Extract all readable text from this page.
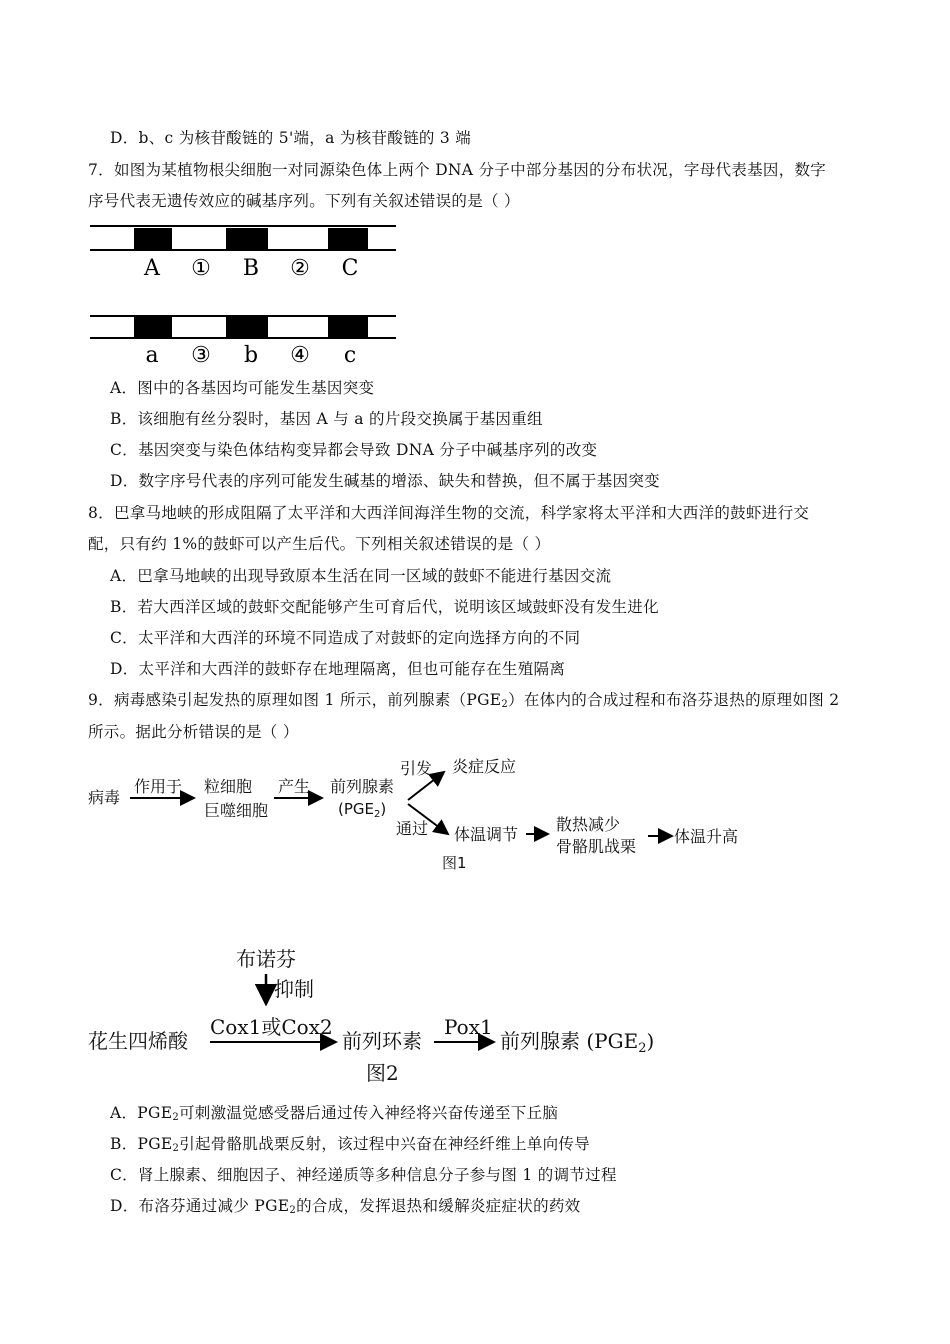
D．b、c 为核苷酸链的 5'端，a 为核苷酸链的 3 端
7．如图为某植物根尖细胞一对同源染色体上两个 DNA 分子中部分基因的分布状况，字母代表基因，数字
序号代表无遗传效应的碱基序列。下列有关叙述错误的是（ ）
A ① B ② C
a ③ b ④ c
A．图中的各基因均可能发生基因突变
B．该细胞有丝分裂时，基因 A 与 a 的片段交换属于基因重组
C．基因突变与染色体结构变异都会导致 DNA 分子中碱基序列的改变
D．数字序号代表的序列可能发生碱基的增添、缺失和替换，但不属于基因突变
8．巴拿马地峡的形成阻隔了太平洋和大西洋间海洋生物的交流，科学家将太平洋和大西洋的鼓虾进行交
配，只有约 1%的鼓虾可以产生后代。下列相关叙述错误的是（ ）
A．巴拿马地峡的出现导致原本生活在同一区域的鼓虾不能进行基因交流
B．若大西洋区域的鼓虾交配能够产生可育后代，说明该区域鼓虾没有发生进化
C．太平洋和大西洋的环境不同造成了对鼓虾的定向选择方向的不同
D．太平洋和大西洋的鼓虾存在地理隔离，但也可能存在生殖隔离
9．病毒感染引起发热的原理如图 1 所示，前列腺素$(PGE_2)$在体内的合成过程和布洛芬退热的原理如图 2
所示。据此分析错误的是（ ）
病毒
作用于 粒细胞
巨噬细胞
产生 前列腺素
$(PGE_2)$
引发 炎症反应
通过 体温调节
散热减少
骨骼肌战栗
体温升高
图1
布诺芬
抑制
花生四烯酸
Cox1或Cox2
前列环素
Pox1
前列腺素 $(PGE_2)$
图2
A．$PGE_2$可刺激温觉感受器后通过传入神经将兴奋传递至下丘脑
B．$PGE_2$引起骨骼肌战栗反射，该过程中兴奋在神经纤维上单向传导
C．肾上腺素、细胞因子、神经递质等多种信息分子参与图 1 的调节过程
D．布洛芬通过减少 $PGE_2$的合成，发挥退热和缓解炎症症状的药效
